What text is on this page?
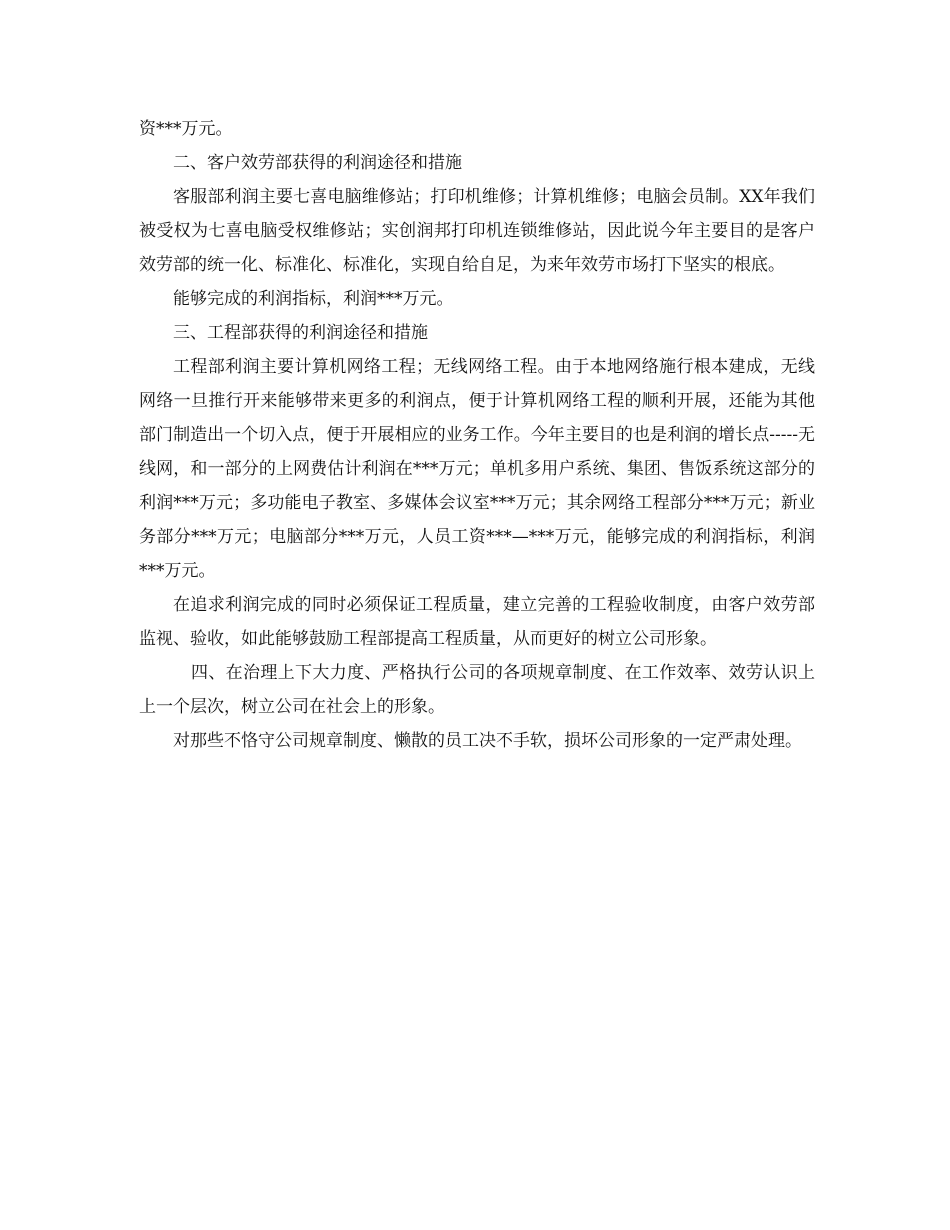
资***万元。

二、客户效劳部获得的利润途径和措施

客服部利润主要七喜电脑维修站；打印机维修；计算机维修；电脑会员制。XX年我们被受权为七喜电脑受权维修站；实创润邦打印机连锁维修站，因此说今年主要目的是客户效劳部的统一化、标准化、标准化，实现自给自足，为来年效劳市场打下坚实的根底。

能够完成的利润指标，利润***万元。

三、工程部获得的利润途径和措施

工程部利润主要计算机网络工程；无线网络工程。由于本地网络施行根本建成，无线网络一旦推行开来能够带来更多的利润点，便于计算机网络工程的顺利开展，还能为其他部门制造出一个切入点，便于开展相应的业务工作。今年主要目的也是利润的增长点-----无线网，和一部分的上网费估计利润在***万元；单机多用户系统、集团、售饭系统这部分的利润***万元；多功能电子教室、多媒体会议室***万元；其余网络工程部分***万元；新业务部分***万元；电脑部分***万元，人员工资***—***万元，能够完成的利润指标，利润***万元。

在追求利润完成的同时必须保证工程质量，建立完善的工程验收制度，由客户效劳部监视、验收，如此能够鼓励工程部提高工程质量，从而更好的树立公司形象。

四、在治理上下大力度、严格执行公司的各项规章制度、在工作效率、效劳认识上上一个层次，树立公司在社会上的形象。

对那些不恪守公司规章制度、懒散的员工决不手软，损坏公司形象的一定严肃处理。
